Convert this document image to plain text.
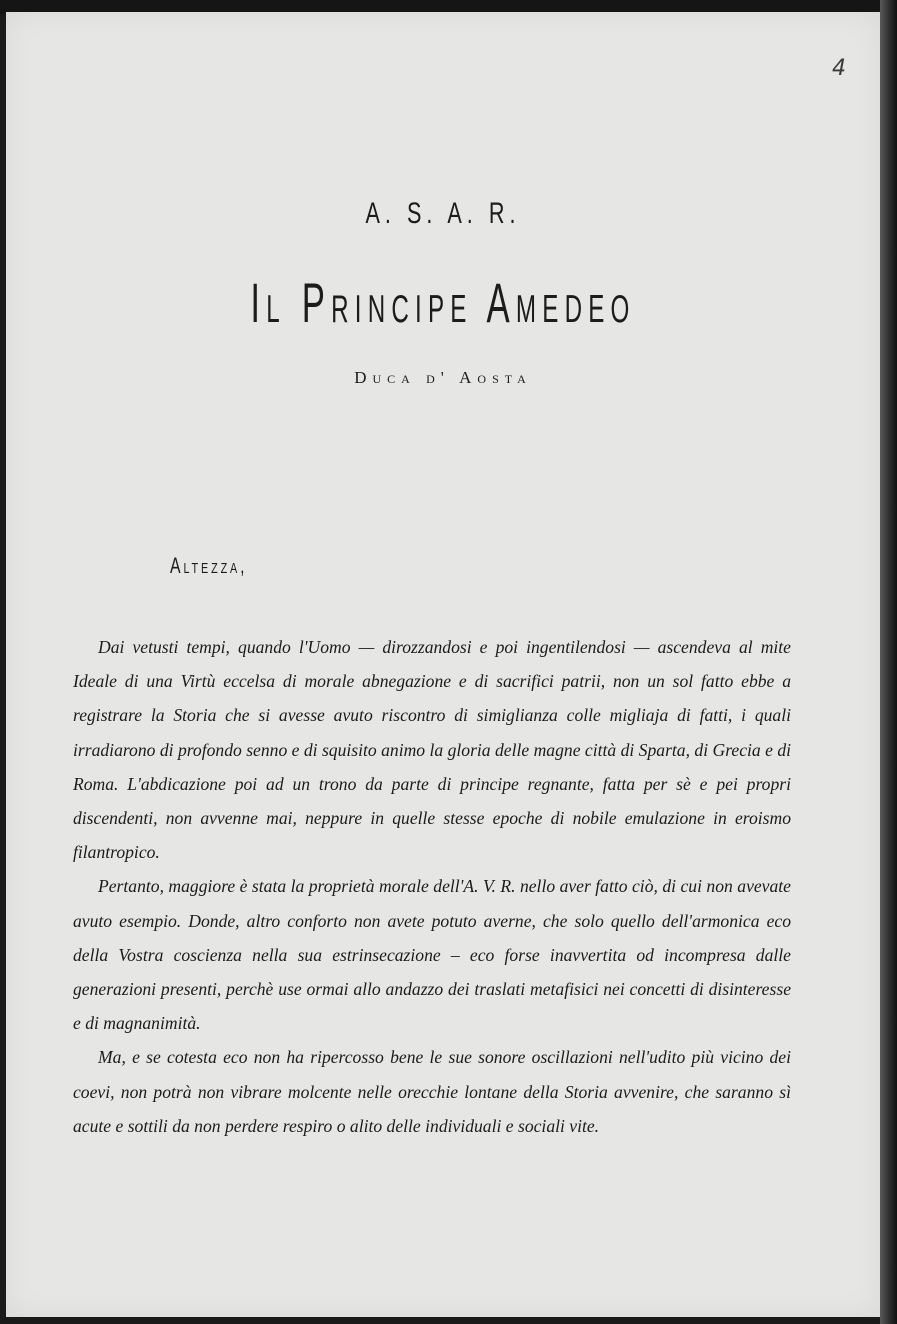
4
A. S. A. R.
Il Principe Amedeo
Duca d' Aosta
Altezza,

Dai vetusti tempi, quando l'Uomo — dirozzandosi e poi ingentilendosi — ascendeva al mite Ideale di una Virtù eccelsa di morale abnegazione e di sacrifici patrii, non un sol fatto ebbe a registrare la Storia che si avesse avuto riscontro di simiglianza colle migliaja di fatti, i quali irradiarono di profondo senno e di squisito animo la gloria delle magne città di Sparta, di Grecia e di Roma. L'abdicazione poi ad un trono da parte di principe regnante, fatta per sè e pei propri discendenti, non avvenne mai, neppure in quelle stesse epoche di nobile emulazione in eroismo filantropico.

Pertanto, maggiore è stata la proprietà morale dell'A. V. R. nello aver fatto ciò, di cui non avevate avuto esempio. Donde, altro conforto non avete potuto averne, che solo quello dell'armonica eco della Vostra coscienza nella sua estrinsecazione – eco forse inavvertita od incompresa dalle generazioni presenti, perchè use ormai allo andazzo dei traslati metafisici nei concetti di disinteresse e di magnanimità.

Ma, e se cotesta eco non ha ripercosso bene le sue sonore oscillazioni nell'udito più vicino dei coevi, non potrà non vibrare molcente nelle orecchie lontane della Storia avvenire, che saranno sì acute e sottili da non perdere respiro o alito delle individuali e sociali vite.
